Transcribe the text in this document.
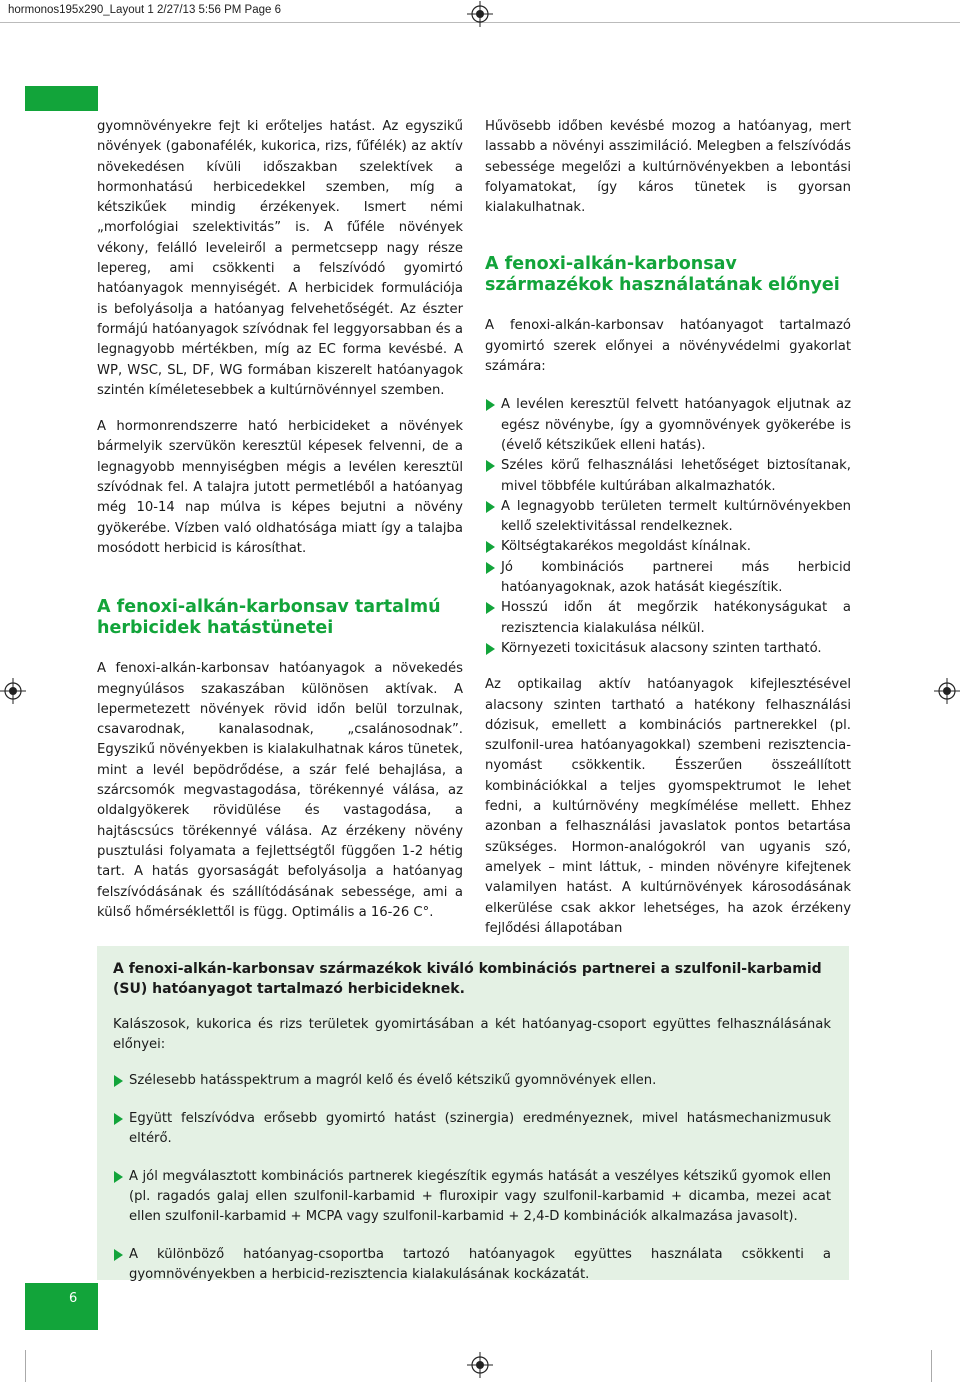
hormonos195x290_Layout 1 2/27/13 5:56 PM Page 6

gyomnövényekre fejt ki erőteljes hatást. Az egyszikű növények (gabonafélék, kukorica, rizs, fűfélék) az aktív növekedésen kívüli időszakban szelektívek a hormonhatású herbicedekkel szemben, míg a kétszikűek mindig érzékenyek. Ismert némi „morfológiai szelektivitás” is. A fűféle növények vékony, felálló leveleiről a permetcsepp nagy része lepereg, ami csökkenti a felszívódó gyomirtó hatóanyagok mennyiségét. A herbicidek formulációja is befolyásolja a hatóanyag felvehetőségét. Az észter formájú hatóanyagok szívódnak fel leggyorsabban és a legnagyobb mértékben, míg az EC forma kevésbé. A WP, WSC, SL, DF, WG formában kiszerelt hatóanyagok szintén kíméletesebbek a kultúrnövénnyel szemben.

A hormonrendszerre ható herbicideket a növények bármelyik szervükön keresztül képesek felvenni, de a legnagyobb mennyiségben mégis a levélen keresztül szívódnak fel. A talajra jutott permetléből a hatóanyag még 10-14 nap múlva is képes bejutni a növény gyökerébe. Vízben való oldhatósága miatt így a talajba mosódott herbicid is károsíthat.

A fenoxi-alkán-karbonsav tartalmú herbicidek hatástünetei

A fenoxi-alkán-karbonsav hatóanyagok a növekedés megnyúlásos szakaszában különösen aktívak. A lepermetezett növények rövid időn belül torzulnak, csavarodnak, kanalasodnak, „csalánosodnak”. Egyszikű növényekben is kialakulhatnak káros tünetek, mint a levél bepödrődése, a szár felé behajlása, a szárcsomók megvastagodása, törékennyé válása, az oldalgyökerek rövidülése és vastagodása, a hajtáscsúcs törékennyé válása. Az érzékeny növény pusztulási folyamata a fejlettségtől függően 1-2 hétig tart. A hatás gyorsaságát befolyásolja a hatóanyag felszívódásának és szállítódásának sebessége, ami a külső hőmérséklettől is függ. Optimális a 16-26 C°.

Hűvösebb időben kevésbé mozog a hatóanyag, mert lassabb a növényi asszimiláció. Melegben a felszívódás sebessége megelőzi a kultúrnövényekben a lebontási folyamatokat, így káros tünetek is gyorsan kialakulhatnak.

A fenoxi-alkán-karbonsav származékok használatának előnyei

A fenoxi-alkán-karbonsav hatóanyagot tartalmazó gyomirtó szerek előnyei a növényvédelmi gyakorlat számára:

A levélen keresztül felvett hatóanyagok eljutnak az egész növénybe, így a gyomnövények gyökerébe is (évelő kétszikűek elleni hatás).
Széles körű felhasználási lehetőséget biztosítanak, mivel többféle kultúrában alkalmazhatók.
A legnagyobb területen termelt kultúrnövényekben kellő szelektivitással rendelkeznek.
Költségtakarékos megoldást kínálnak.
Jó kombinációs partnerei más herbicid hatóanyagoknak, azok hatását kiegészítik.
Hosszú időn át megőrzik hatékonyságukat a rezisztencia kialakulása nélkül.
Környezeti toxicitásuk alacsony szinten tartható.

Az optikailag aktív hatóanyagok kifejlesztésével alacsony szinten tartható a hatékony felhasználási dózisuk, emellett a kombinációs partnerekkel (pl. szulfonil-urea hatóanyagokkal) szembeni rezisztencia-nyomást csökkentik. Ésszerűen összeállított kombinációkkal a teljes gyomspektrumot le lehet fedni, a kultúrnövény megkímélése mellett. Ehhez azonban a felhasználási javaslatok pontos betartása szükséges. Hormon-analógokról van ugyanis szó, amelyek – mint láttuk, - minden növényre kifejtenek valamilyen hatást. A kultúrnövények károsodásának elkerülése csak akkor lehetséges, ha azok érzékeny fejlődési állapotában

A fenoxi-alkán-karbonsav származékok kiváló kombinációs partnerei a szulfonil-karbamid (SU) hatóanyagot tartalmazó herbicideknek.
Kalászosok, kukorica és rizs területek gyomirtásában a két hatóanyag-csoport együttes felhasználásának előnyei:
Szélesebb hatásspektrum a magról kelő és évelő kétszikű gyomnövények ellen.
Együtt felszívódva erősebb gyomirtó hatást (szinergia) eredményeznek, mivel hatásmechanizmusuk eltérő.
A jól megválasztott kombinációs partnerek kiegészítik egymás hatását a veszélyes kétszikű gyomok ellen (pl. ragadós galaj ellen szulfonil-karbamid + fluroxipir vagy szulfonil-karbamid + dicamba, mezei acat ellen szulfonil-karbamid + MCPA vagy szulfonil-karbamid + 2,4-D kombinációk alkalmazása javasolt).
A különböző hatóanyag-csoportba tartozó hatóanyagok együttes használata csökkenti a gyomnövényekben a herbicid-rezisztencia kialakulásának kockázatát.
6
